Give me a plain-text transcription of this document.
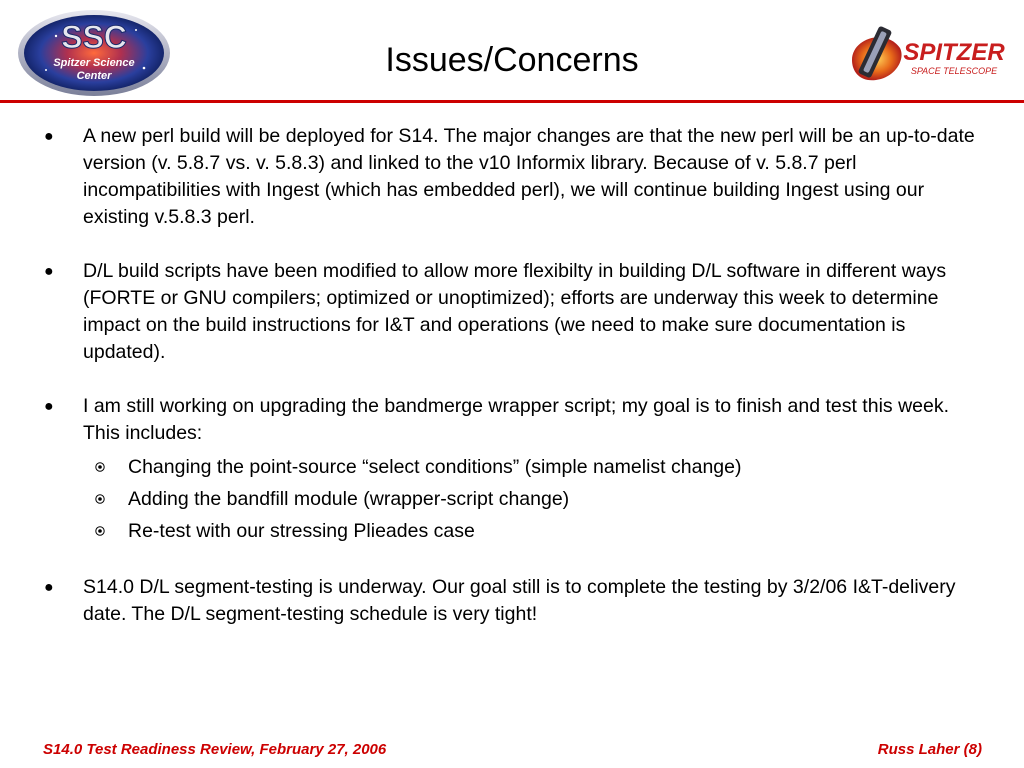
SSC
Spitzer Science
Center	Issues/Concerns	SPITZER
SPACE TELESCOPE
● A new perl build will be deployed for S14. The major changes are that the new perl will be an up-to-date version (v. 5.8.7 vs. v. 5.8.3) and linked to the v10 Informix library. Because of v. 5.8.7 perl incompatibilities with Ingest (which has embedded perl), we will continue building Ingest using our existing v.5.8.3 perl.
● D/L build scripts have been modified to allow more flexibilty in building D/L software in different ways (FORTE or GNU compilers; optimized or unoptimized); efforts are underway this week to determine impact on the build instructions for I&T and operations (we need to make sure documentation is updated).
● I am still working on upgrading the bandmerge wrapper script; my goal is to finish and test this week. This includes:
Changing the point-source “select conditions” (simple namelist change)
Adding the bandfill module (wrapper-script change)
Re-test with our stressing Plieades case
● S14.0 D/L segment-testing is underway. Our goal still is to complete the testing by 3/2/06 I&T-delivery date. The D/L segment-testing schedule is very tight!
S14.0 Test Readiness Review, February 27, 2006	Russ Laher (8)
